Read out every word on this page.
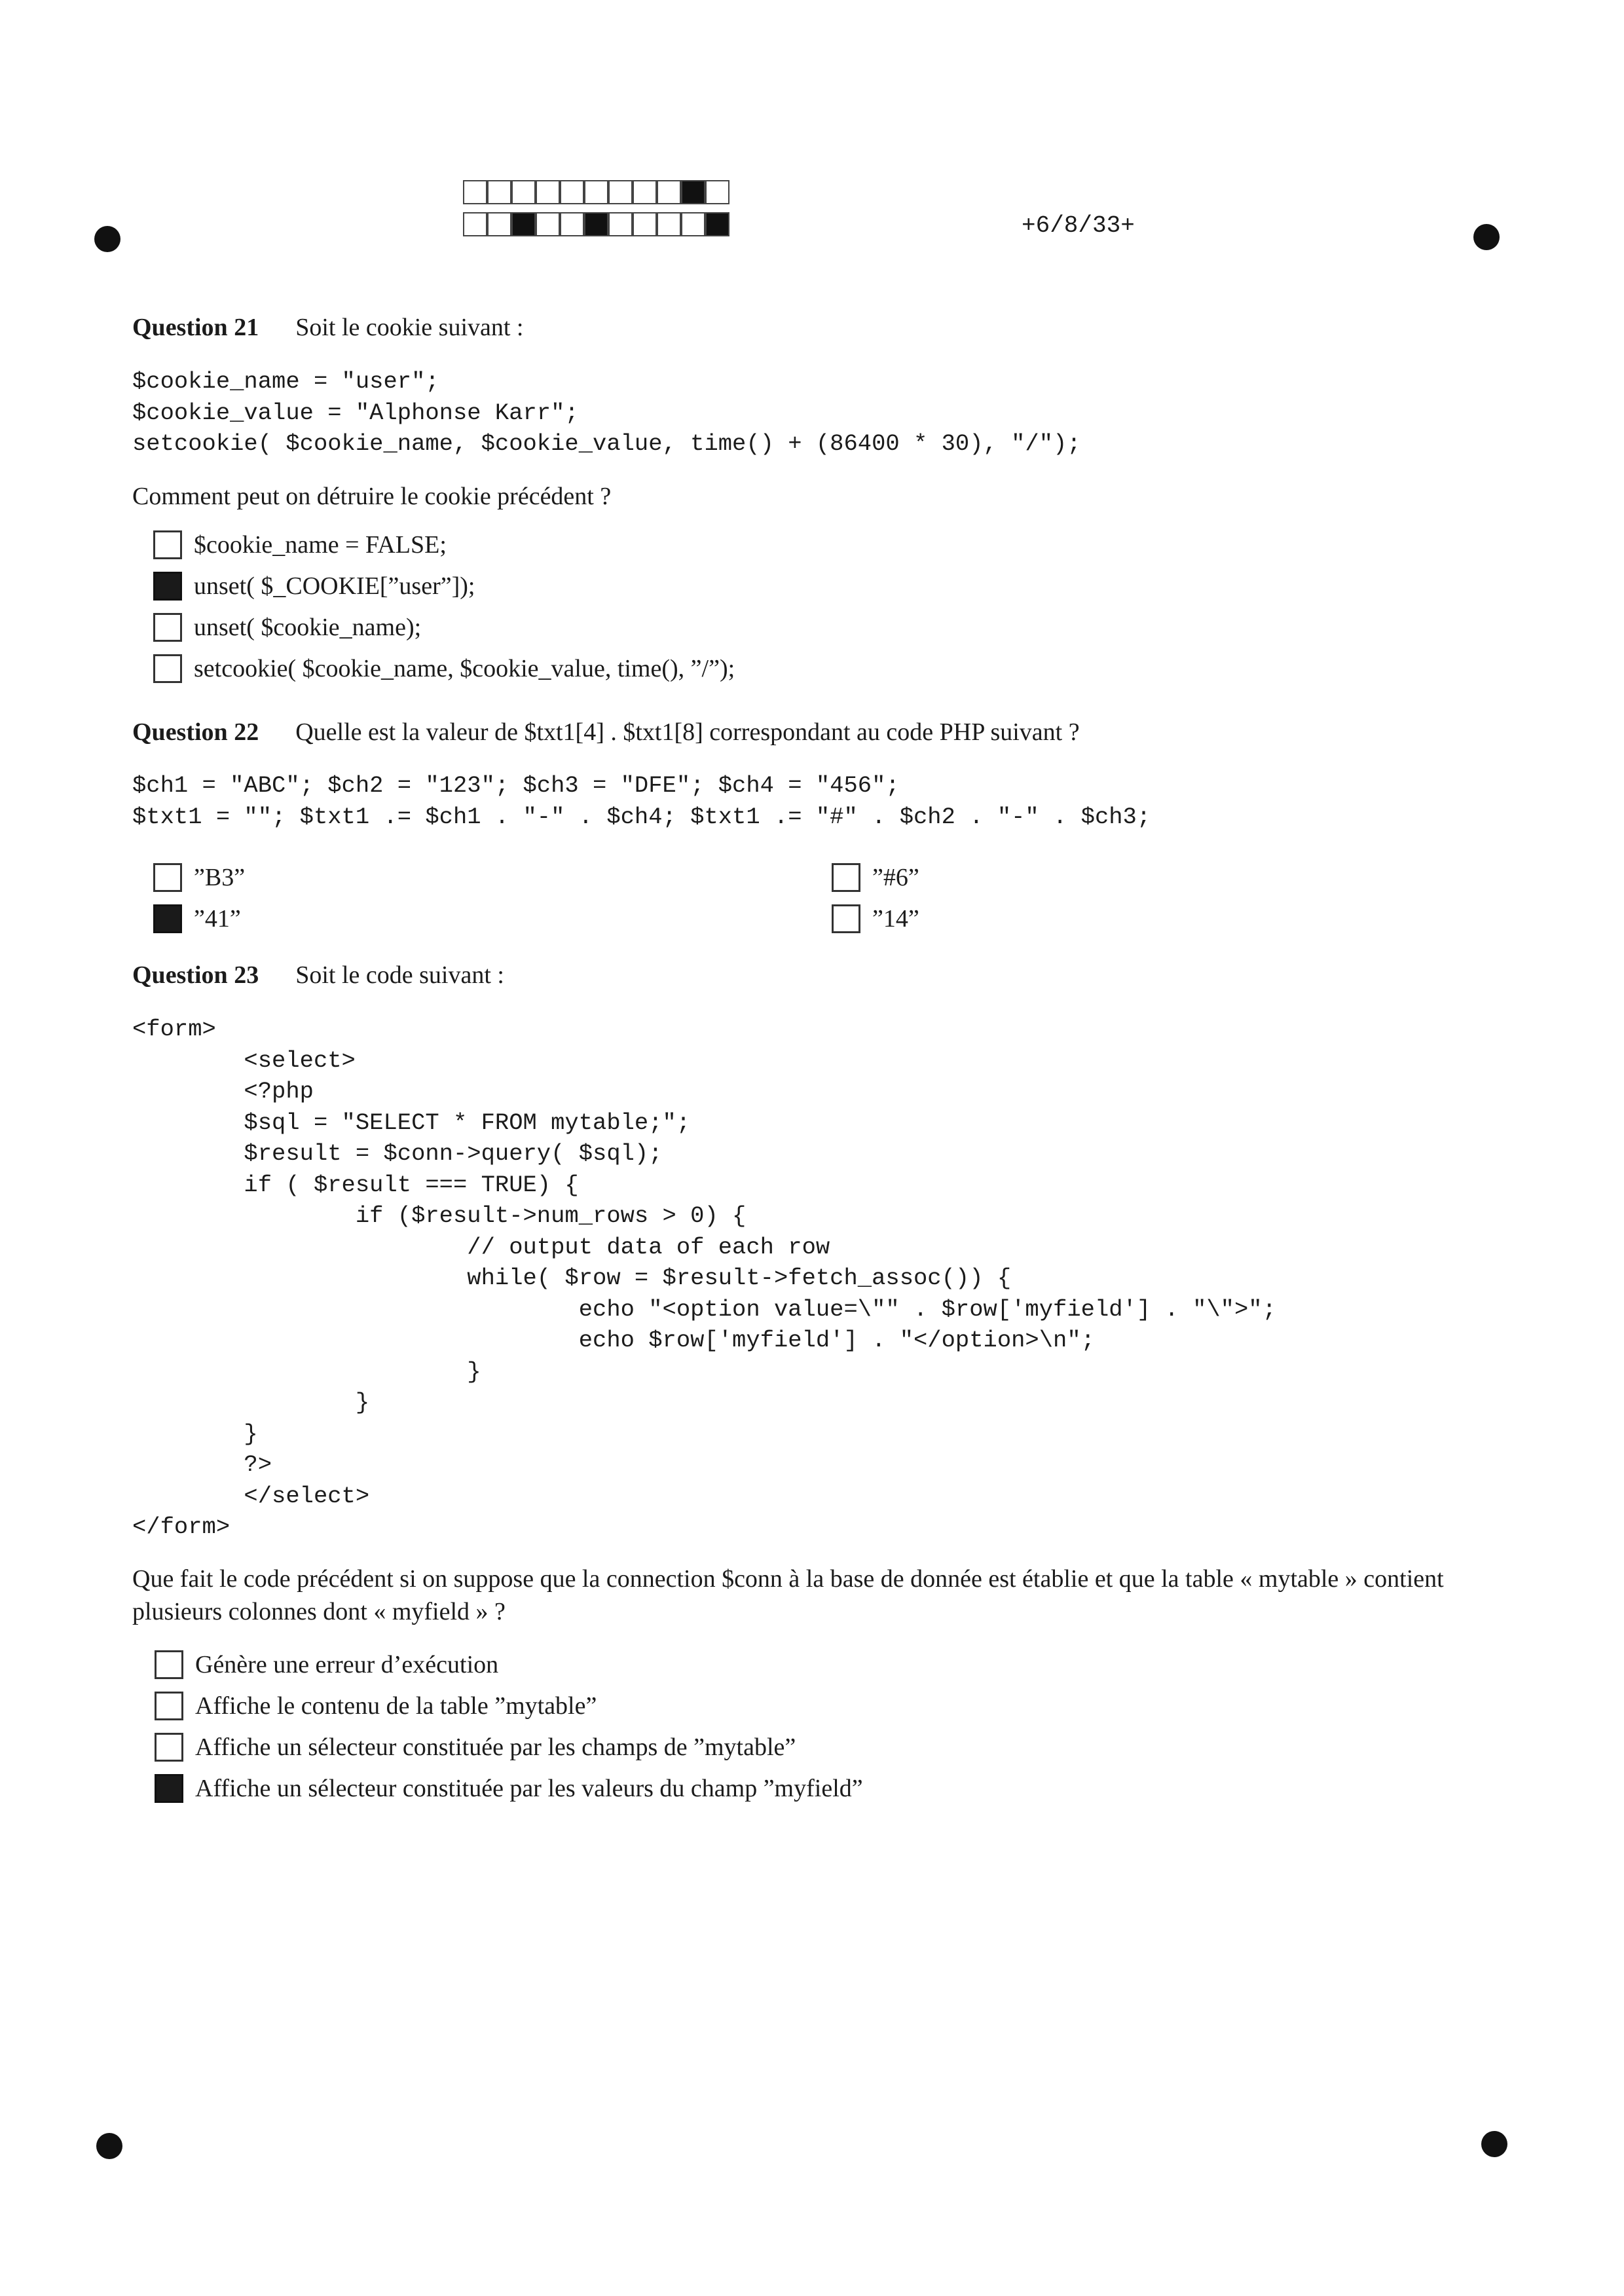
+6/8/33+
Question 21 Soit le cookie suivant :
$cookie_name = "user";
$cookie_value = "Alphonse Karr";
setcookie( $cookie_name, $cookie_value, time() + (86400 * 30), "/");
Comment peut on détruire le cookie précédent ?
$cookie_name = FALSE;
unset( $_COOKIE[”user”]);
unset( $cookie_name);
setcookie( $cookie_name, $cookie_value, time(), ”/”);
Question 22 Quelle est la valeur de $txt1[4] . $txt1[8] correspondant au code PHP suivant ?
$ch1 = "ABC"; $ch2 = "123"; $ch3 = "DFE"; $ch4 = "456";
$txt1 = ""; $txt1 .= $ch1 . "-" . $ch4; $txt1 .= "#" . $ch2 . "-" . $ch3;
”B3”
”41”
”#6”
”14”
Question 23 Soit le code suivant :
<form>
<select>
<?php
$sql = "SELECT * FROM mytable;";
$result = $conn->query( $sql);
if ( $result === TRUE) {
if ($result->num_rows > 0) {
// output data of each row
while( $row = $result->fetch_assoc()) {
echo "<option value=\"" . $row['myfield'] . "\">";
echo $row['myfield'] . "</option>\n";
}
}
}
?>
</select>
</form>
Que fait le code précédent si on suppose que la connection $conn à la base de donnée est établie et que la table « mytable » contient plusieurs colonnes dont « myfield » ?
Génère une erreur d’exécution
Affiche le contenu de la table ”mytable”
Affiche un sélecteur constituée par les champs de ”mytable”
Affiche un sélecteur constituée par les valeurs du champ ”myfield”
